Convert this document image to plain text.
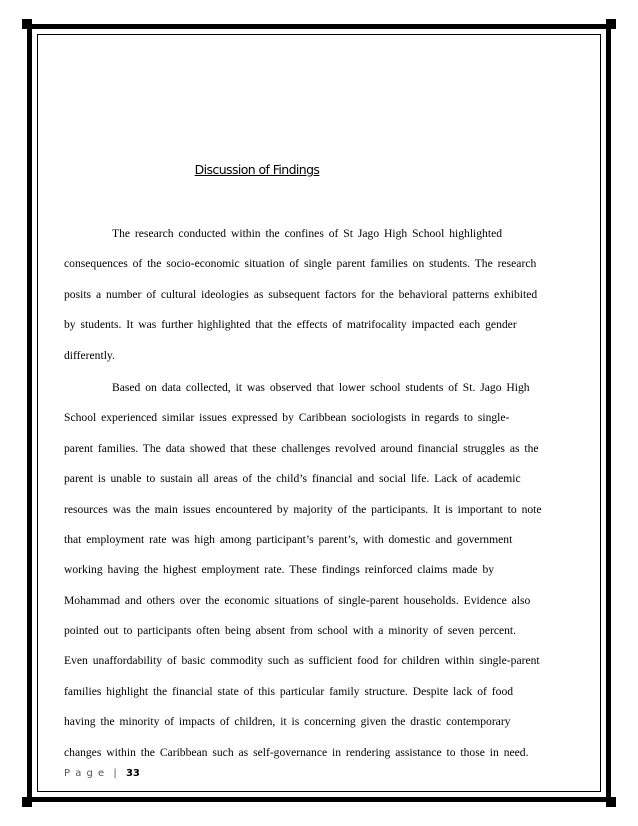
Discussion of Findings
The research conducted within the confines of St Jago High School highlighted
consequences of the socio-economic situation of single parent families on students. The research
posits a number of cultural ideologies as subsequent factors for the behavioral patterns exhibited
by students. It was further highlighted that the effects of matrifocality impacted each gender
differently.
Based on data collected, it was observed that lower school students of St. Jago High
School experienced similar issues expressed by Caribbean sociologists in regards to single-
parent families. The data showed that these challenges revolved around financial struggles as the
parent is unable to sustain all areas of the child’s financial and social life. Lack of academic
resources was the main issues encountered by majority of the participants. It is important to note
that employment rate was high among participant’s parent’s, with domestic and government
working having the highest employment rate. These findings reinforced claims made by
Mohammad and others over the economic situations of single-parent households. Evidence also
pointed out to participants often being absent from school with a minority of seven percent.
Even unaffordability of basic commodity such as sufficient food for children within single-parent
families highlight the financial state of this particular family structure. Despite lack of food
having the minority of impacts of children, it is concerning given the drastic contemporary
changes within the Caribbean such as self-governance in rendering assistance to those in need.
P a g e | 33
